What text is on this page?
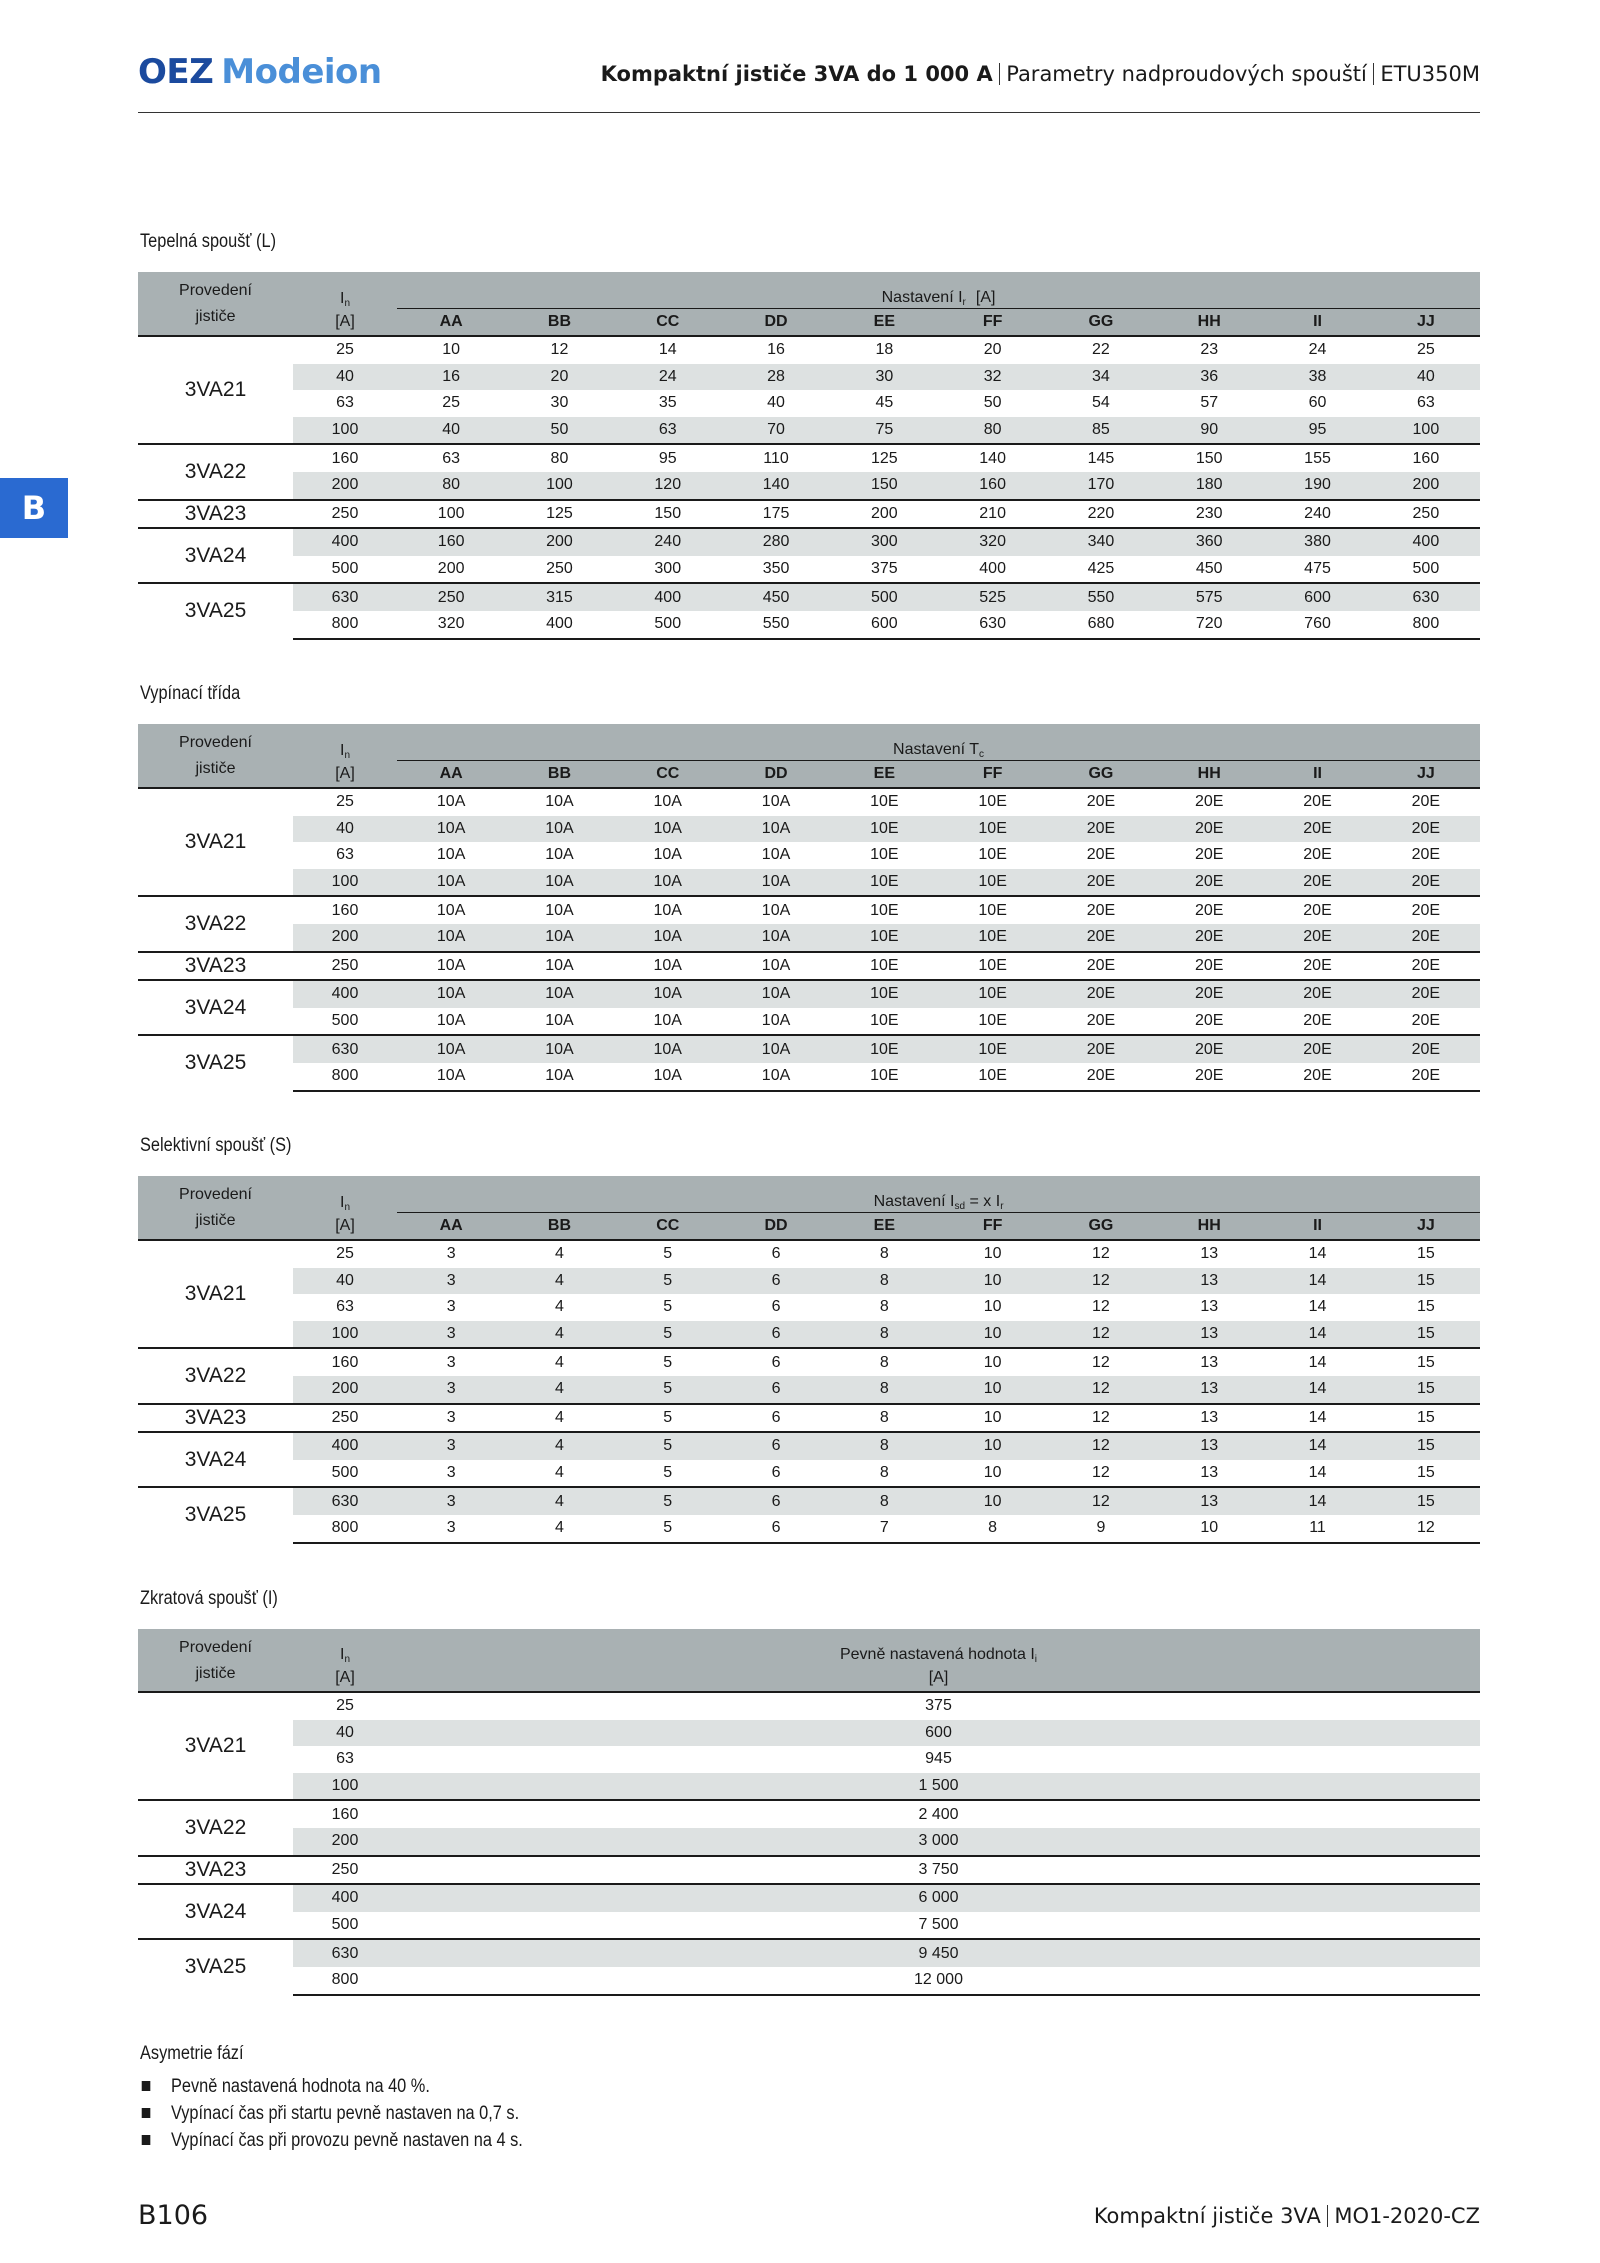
OEZ Modeion	Kompaktní jističe 3VA do 1 000 A Parametry nadproudových spouští ETU350M
B
Tepelná spoušť (L)
Provedení
jističe	$I_n$	Nastavení $I_r$ [A]									
	[A]	AA	BB	CC	DD	EE	FF	GG	HH	II	JJ
3VA21	25	10	12	14	16	18	20	22	23	24	25
	40	16	20	24	28	30	32	34	36	38	40
	63	25	30	35	40	45	50	54	57	60	63
	100	40	50	63	70	75	80	85	90	95	100
3VA22	160	63	80	95	110	125	140	145	150	155	160
	200	80	100	120	140	150	160	170	180	190	200
3VA23	250	100	125	150	175	200	210	220	230	240	250
3VA24	400	160	200	240	280	300	320	340	360	380	400
	500	200	250	300	350	375	400	425	450	475	500
3VA25	630	250	315	400	450	500	525	550	575	600	630
	800	320	400	500	550	600	630	680	720	760	800
Vypínací třída
Provedení
jističe	$I_n$	Nastavení $T_c$
	[A]	AA	BB	CC	DD	EE	FF	GG	HH	II	JJ
3VA21	25	10A	10A	10A	10A	10E	10E	20E	20E	20E	20E
	40	10A	10A	10A	10A	10E	10E	20E	20E	20E	20E
	63	10A	10A	10A	10A	10E	10E	20E	20E	20E	20E
	100	10A	10A	10A	10A	10E	10E	20E	20E	20E	20E
3VA22	160	10A	10A	10A	10A	10E	10E	20E	20E	20E	20E
	200	10A	10A	10A	10A	10E	10E	20E	20E	20E	20E
3VA23	250	10A	10A	10A	10A	10E	10E	20E	20E	20E	20E
3VA24	400	10A	10A	10A	10A	10E	10E	20E	20E	20E	20E
	500	10A	10A	10A	10A	10E	10E	20E	20E	20E	20E
3VA25	630	10A	10A	10A	10A	10E	10E	20E	20E	20E	20E
	800	10A	10A	10A	10A	10E	10E	20E	20E	20E	20E
Selektivní spoušť (S)
Provedení
jističe	$I_n$	Nastavení $I_{sd} = x$ $I_r$
	[A]	AA	BB	CC	DD	EE	FF	GG	HH	II	JJ
3VA21	25	3	4	5	6	8	10	12	13	14	15
	40	3	4	5	6	8	10	12	13	14	15
	63	3	4	5	6	8	10	12	13	14	15
	100	3	4	5	6	8	10	12	13	14	15
3VA22	160	3	4	5	6	8	10	12	13	14	15
	200	3	4	5	6	8	10	12	13	14	15
3VA23	250	3	4	5	6	8	10	12	13	14	15
3VA24	400	3	4	5	6	8	10	12	13	14	15
	500	3	4	5	6	8	10	12	13	14	15
3VA25	630	3	4	5	6	8	10	12	13	14	15
	800	3	4	5	6	7	8	9	10	11	12
Zkratová spoušť (I)
Provedení
jističe	$I_n$	Pevně nastavená hodnota $I_i$
	[A]	[A]
3VA21	25	375
	40	600
	63	945
	100	1 500
3VA22	160	2 400
	200	3 000
3VA23	250	3 750
3VA24	400	6 000
	500	7 500
3VA25	630	9 450
	800	12 000
Asymetrie fází
Pevně nastavená hodnota na 40 %.
Vypínací čas při startu pevně nastaven na 0,7 s.
Vypínací čas při provozu pevně nastaven na 4 s.
B106	Kompaktní jističe 3VA MO1-2020-CZ
